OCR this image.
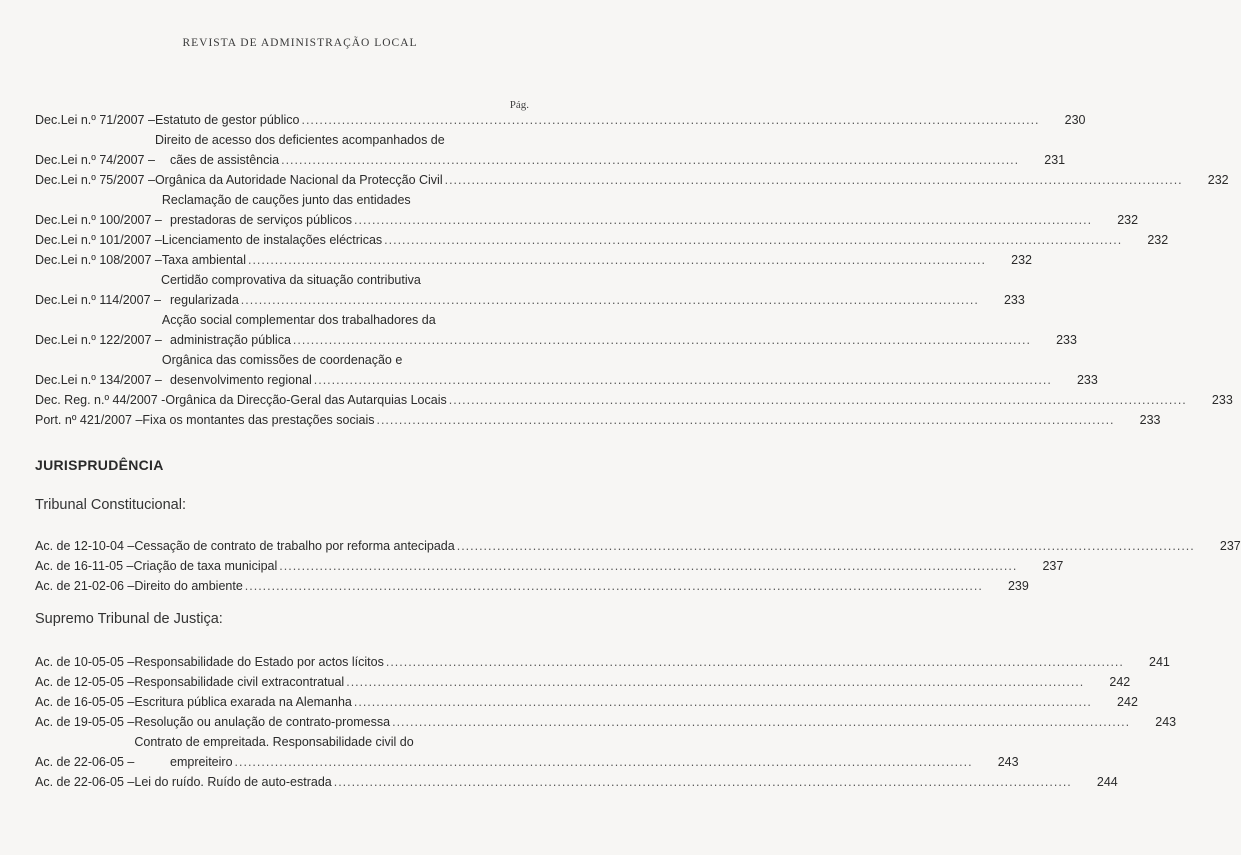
REVISTA DE ADMINISTRAÇÃO LOCAL
Pág.
Dec.Lei n.º 71/2007 – Estatuto de gestor público .....	230
Dec.Lei n.º 74/2007 –
Direito de acesso dos deficientes acompanhados de
cães de assistência .....	231
Dec.Lei n.º 75/2007 – Orgânica da Autoridade Nacional da Protecção Civil .....	232
Dec.Lei n.º 100/2007 –
Reclamação de cauções junto das entidades
prestadoras de serviços públicos .....	232
Dec.Lei n.º 101/2007 – Licenciamento de instalações eléctricas .....	232
Dec.Lei n.º 108/2007 – Taxa ambiental .....	232
Dec.Lei n.º 114/2007 –
Certidão comprovativa da situação contributiva
regularizada .....	233
Dec.Lei n.º 122/2007 –
Acção social complementar dos trabalhadores da
administração pública .....	233
Dec.Lei n.º 134/2007 –
Orgânica das comissões de coordenação e
desenvolvimento regional .....	233
Dec. Reg. n.º 44/2007 - Orgânica da Direcção-Geral das Autarquias Locais .....	233
Port. nº 421/2007 – Fixa os montantes das prestações sociais .....	233
JURISPRUDÊNCIA
Tribunal Constitucional:
Ac. de 12-10-04 – Cessação de contrato de trabalho por reforma antecipada .....	237
Ac. de 16-11-05 – Criação de taxa municipal .....	237
Ac. de 21-02-06 – Direito do ambiente .....	239
Supremo Tribunal de Justiça:
Ac. de 10-05-05 – Responsabilidade do Estado por actos lícitos .....	241
Ac. de 12-05-05 – Responsabilidade civil extracontratual .....	242
Ac. de 16-05-05 – Escritura pública exarada na Alemanha .....	242
Ac. de 19-05-05 – Resolução ou anulação de contrato-promessa .....	243
Ac. de 22-06-05 –
Contrato de empreitada. Responsabilidade civil do
empreiteiro .....	243
Ac. de 22-06-05 – Lei do ruído. Ruído de auto-estrada .....	244
